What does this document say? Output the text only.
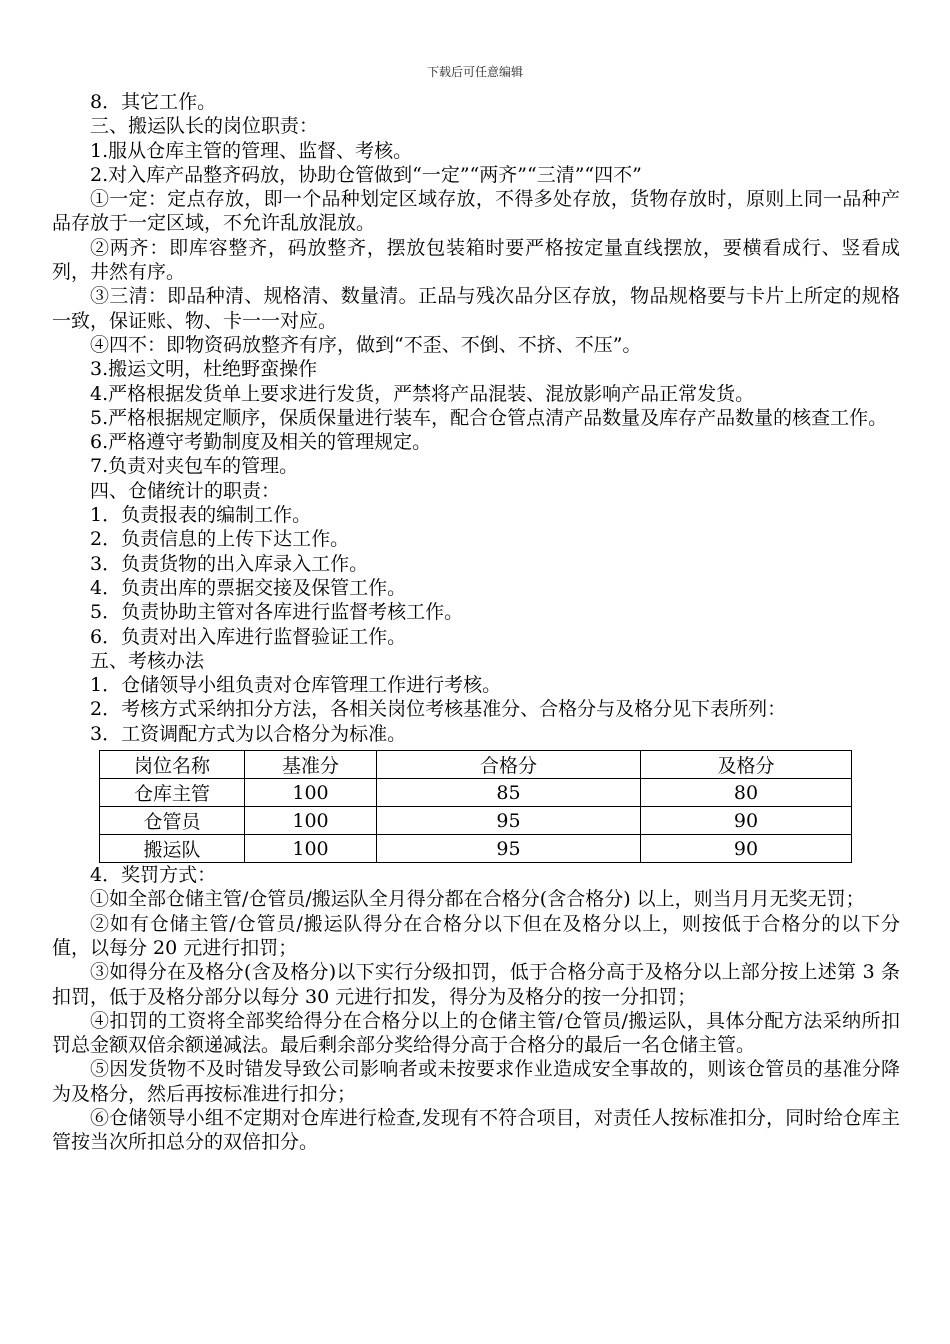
下载后可任意编辑
8．其它工作。
三、搬运队长的岗位职责：
1.服从仓库主管的管理、监督、考核。
2.对入库产品整齐码放，协助仓管做到“一定”“两齐”“三清”“四不”
①一定：定点存放，即一个品种划定区域存放，不得多处存放，货物存放时，原则上同一品种产品存放于一定区域，不允许乱放混放。
②两齐：即库容整齐，码放整齐，摆放包装箱时要严格按定量直线摆放，要横看成行、竖看成列，井然有序。
③三清：即品种清、规格清、数量清。正品与残次品分区存放，物品规格要与卡片上所定的规格一致，保证账、物、卡一一对应。
④四不：即物资码放整齐有序，做到“不歪、不倒、不挤、不压”。
3.搬运文明，杜绝野蛮操作
4.严格根据发货单上要求进行发货，严禁将产品混装、混放影响产品正常发货。
5.严格根据规定顺序，保质保量进行装车，配合仓管点清产品数量及库存产品数量的核查工作。
6.严格遵守考勤制度及相关的管理规定。
7.负责对夹包车的管理。
四、仓储统计的职责：
1．负责报表的编制工作。
2．负责信息的上传下达工作。
3．负责货物的出入库录入工作。
4．负责出库的票据交接及保管工作。
5．负责协助主管对各库进行监督考核工作。
6．负责对出入库进行监督验证工作。
五、考核办法
1．仓储领导小组负责对仓库管理工作进行考核。
2．考核方式采纳扣分方法，各相关岗位考核基准分、合格分与及格分见下表所列：
3．工资调配方式为以合格分为标准。
岗位名称	基准分	合格分	及格分
仓库主管	100	85	80
仓管员	100	95	90
搬运队	100	95	90
4．奖罚方式：
①如全部仓储主管/仓管员/搬运队全月得分都在合格分(含合格分) 以上，则当月月无奖无罚；
②如有仓储主管/仓管员/搬运队得分在合格分以下但在及格分以上，则按低于合格分的以下分值，以每分 20 元进行扣罚；
③如得分在及格分(含及格分)以下实行分级扣罚，低于合格分高于及格分以上部分按上述第 3 条扣罚，低于及格分部分以每分 30 元进行扣发，得分为及格分的按一分扣罚；
④扣罚的工资将全部奖给得分在合格分以上的仓储主管/仓管员/搬运队，具体分配方法采纳所扣罚总金额双倍余额递减法。最后剩余部分奖给得分高于合格分的最后一名仓储主管。
⑤因发货物不及时错发导致公司影响者或未按要求作业造成安全事故的，则该仓管员的基准分降为及格分，然后再按标准进行扣分；
⑥仓储领导小组不定期对仓库进行检查,发现有不符合项目，对责任人按标准扣分，同时给仓库主管按当次所扣总分的双倍扣分。
